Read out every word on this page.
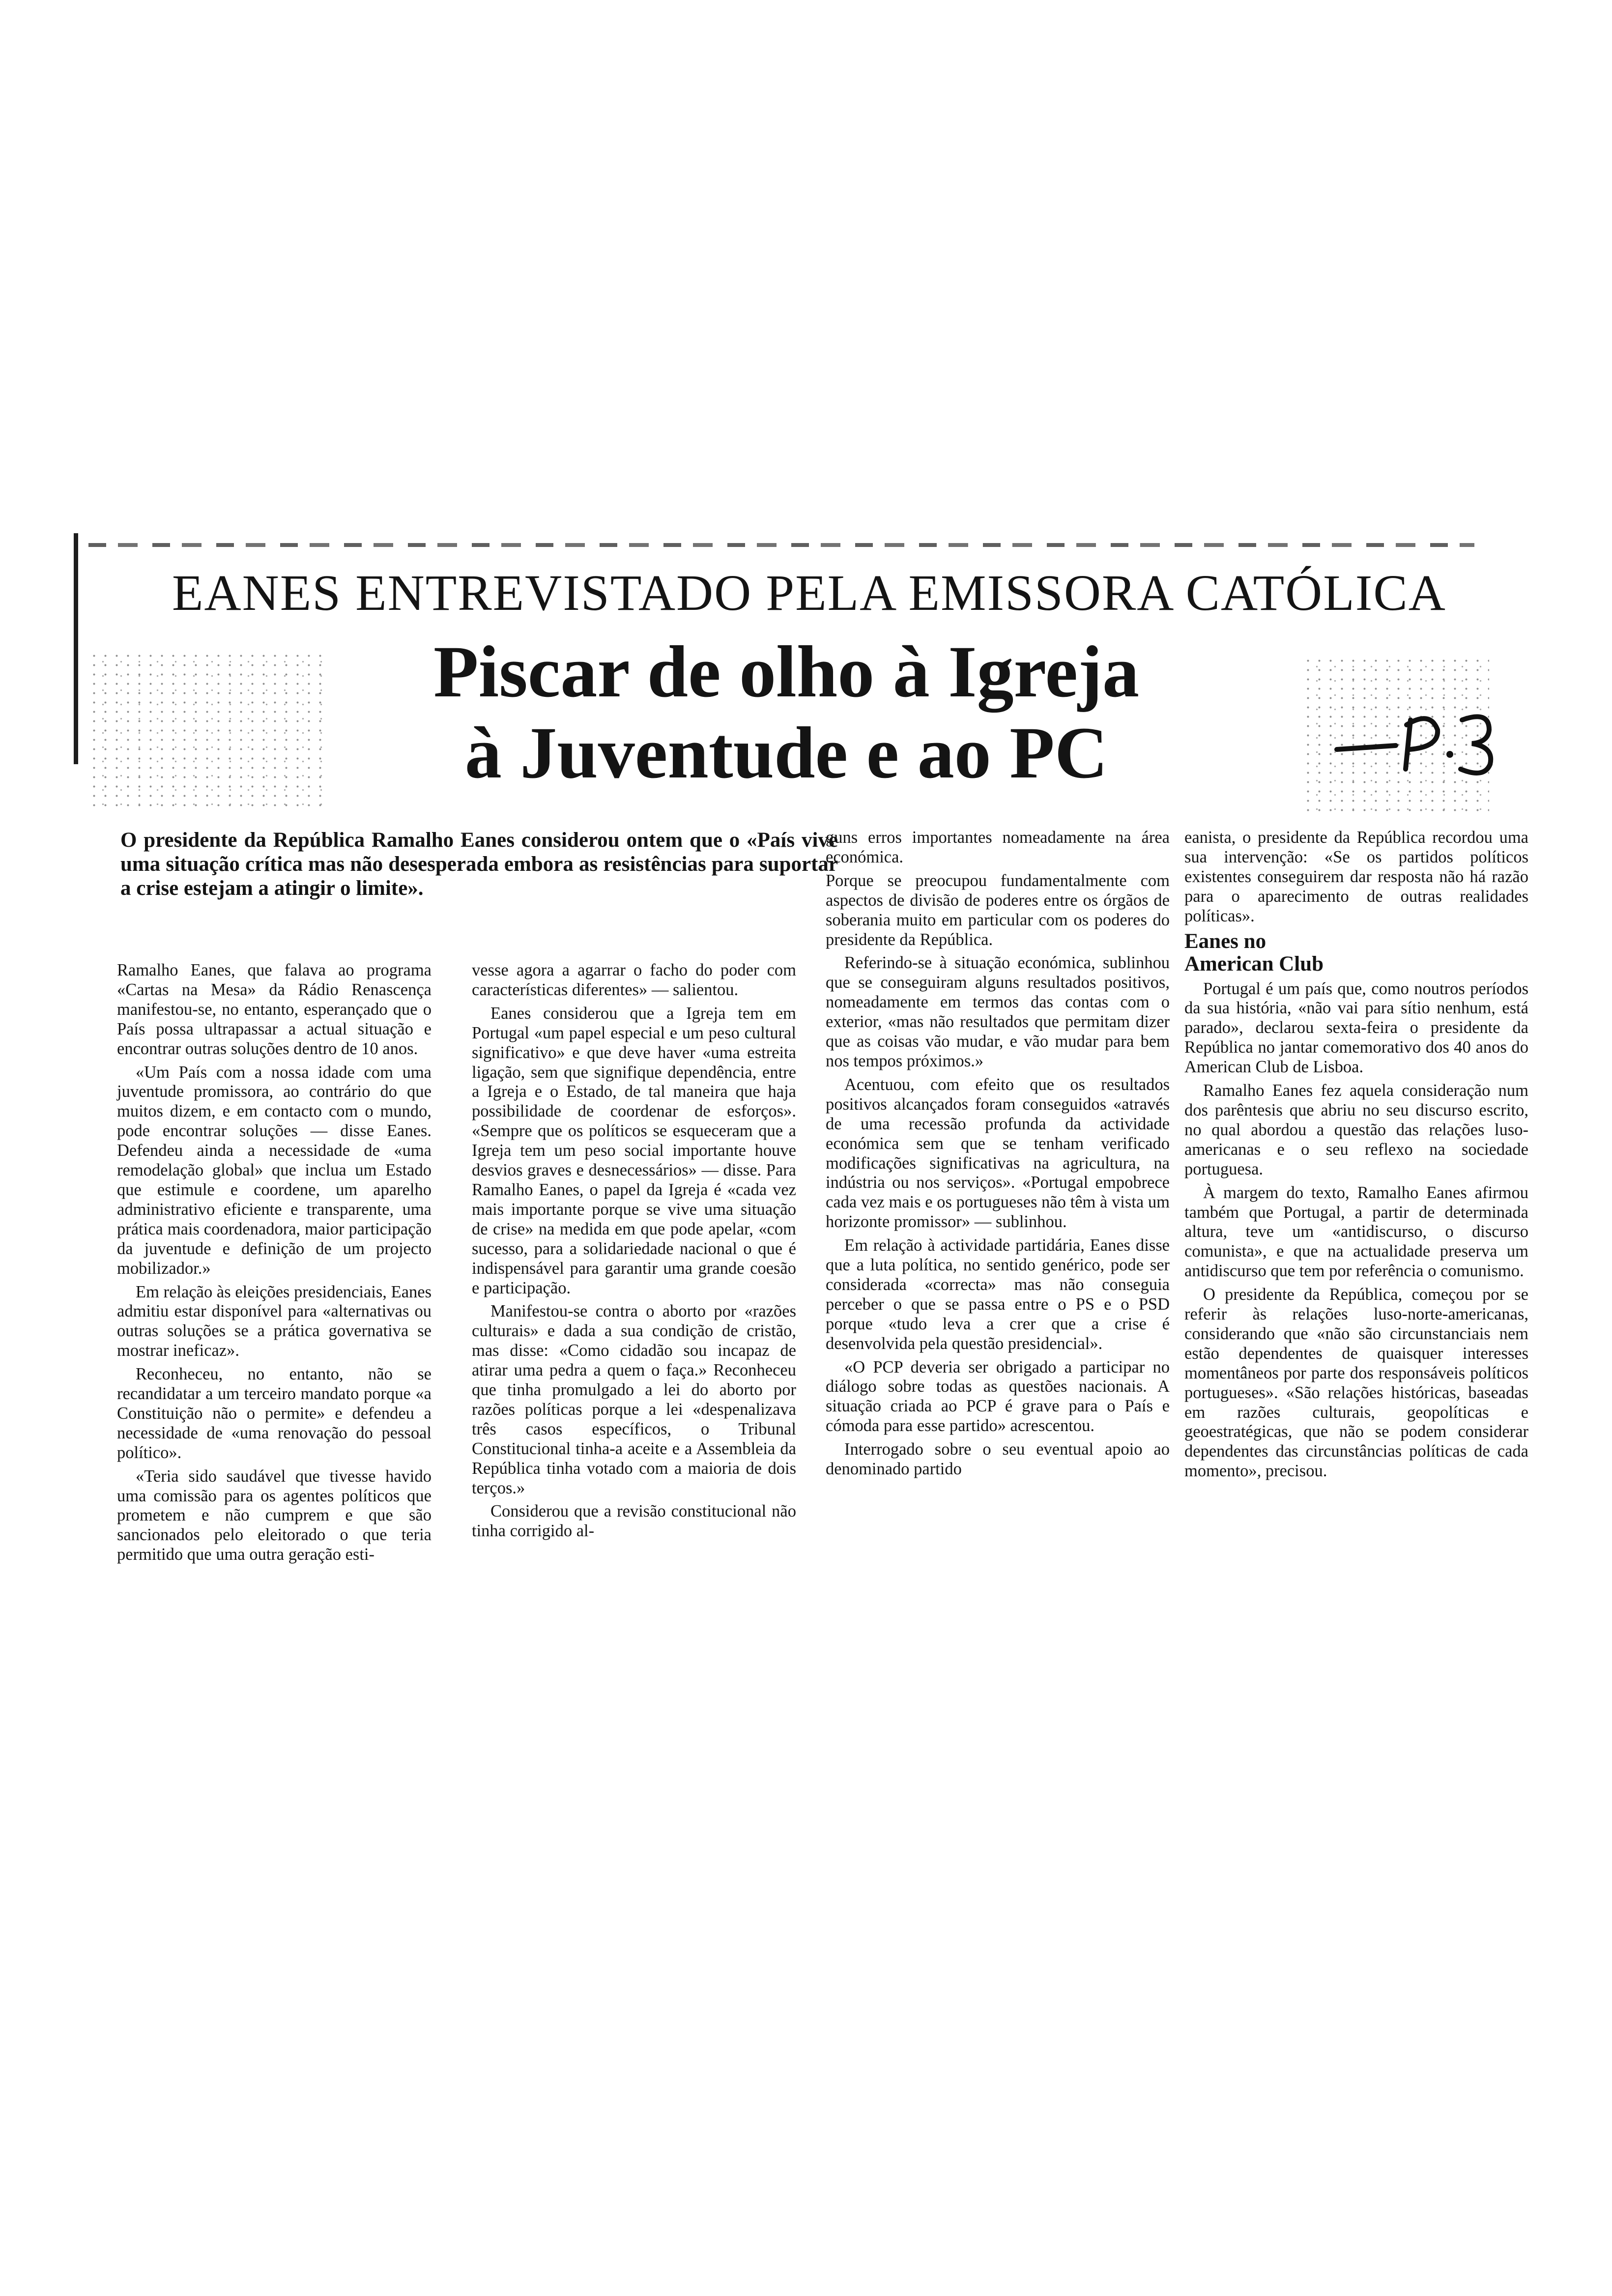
EANES ENTREVISTADO PELA EMISSORA CATÓLICA
Piscar de olho à Igreja
à Juventude e ao PC
O presidente da República Ramalho Eanes considerou ontem que o «País vive uma situação crítica mas não desesperada embora as resistências para suportar a crise estejam a atingir o limite».

Ramalho Eanes, que falava ao programa «Cartas na Mesa» da Rádio Renascença manifestou-se, no entanto, esperançado que o País possa ultrapassar a actual situação e encontrar outras soluções dentro de 10 anos.

«Um País com a nossa idade com uma juventude promissora, ao contrário do que muitos dizem, e em contacto com o mundo, pode encontrar soluções — disse Eanes. Defendeu ainda a necessidade de «uma remodelação global» que inclua um Estado que estimule e coordene, um aparelho administrativo eficiente e transparente, uma prática mais coordenadora, maior participação da juventude e definição de um projecto mobilizador.»

Em relação às eleições presidenciais, Eanes admitiu estar disponível para «alternativas ou outras soluções se a prática governativa se mostrar ineficaz».

Reconheceu, no entanto, não se recandidatar a um terceiro mandato porque «a Constituição não o permite» e defendeu a necessidade de «uma renovação do pessoal político».

«Teria sido saudável que tivesse havido uma comissão para os agentes políticos que prometem e não cumprem e que são sancionados pelo eleitorado o que teria permitido que uma outra geração esti-

vesse agora a agarrar o facho do poder com características diferentes» — salientou.

Eanes considerou que a Igreja tem em Portugal «um papel especial e um peso cultural significativo» e que deve haver «uma estreita ligação, sem que signifique dependência, entre a Igreja e o Estado, de tal maneira que haja possibilidade de coordenar de esforços». «Sempre que os políticos se esqueceram que a Igreja tem um peso social importante houve desvios graves e desnecessários» — disse. Para Ramalho Eanes, o papel da Igreja é «cada vez mais importante porque se vive uma situação de crise» na medida em que pode apelar, «com sucesso, para a solidariedade nacional o que é indispensável para garantir uma grande coesão e participação.

Manifestou-se contra o aborto por «razões culturais» e dada a sua condição de cristão, mas disse: «Como cidadão sou incapaz de atirar uma pedra a quem o faça.» Reconheceu que tinha promulgado a lei do aborto por razões políticas porque a lei «despenalizava três casos específicos, o Tribunal Constitucional tinha-a aceite e a Assembleia da República tinha votado com a maioria de dois terços.»

Considerou que a revisão constitucional não tinha corrigido al-

guns erros importantes nomeadamente na área económica.

Porque se preocupou fundamentalmente com aspectos de divisão de poderes entre os órgãos de soberania muito em particular com os poderes do presidente da República.

Referindo-se à situação económica, sublinhou que se conseguiram alguns resultados positivos, nomeadamente em termos das contas com o exterior, «mas não resultados que permitam dizer que as coisas vão mudar, e vão mudar para bem nos tempos próximos.»

Acentuou, com efeito que os resultados positivos alcançados foram conseguidos «através de uma recessão profunda da actividade económica sem que se tenham verificado modificações significativas na agricultura, na indústria ou nos serviços». «Portugal empobrece cada vez mais e os portugueses não têm à vista um horizonte promissor» — sublinhou.

Em relação à actividade partidária, Eanes disse que a luta política, no sentido genérico, pode ser considerada «correcta» mas não conseguia perceber o que se passa entre o PS e o PSD porque «tudo leva a crer que a crise é desenvolvida pela questão presidencial».

«O PCP deveria ser obrigado a participar no diálogo sobre todas as questões nacionais. A situação criada ao PCP é grave para o País e cómoda para esse partido» acrescentou.

Interrogado sobre o seu eventual apoio ao denominado partido

eanista, o presidente da República recordou uma sua intervenção: «Se os partidos políticos existentes conseguirem dar resposta não há razão para o aparecimento de outras realidades políticas».

Eanes no
American Club

Portugal é um país que, como noutros períodos da sua história, «não vai para sítio nenhum, está parado», declarou sexta-feira o presidente da República no jantar comemorativo dos 40 anos do American Club de Lisboa.

Ramalho Eanes fez aquela consideração num dos parêntesis que abriu no seu discurso escrito, no qual abordou a questão das relações luso-americanas e o seu reflexo na sociedade portuguesa.

À margem do texto, Ramalho Eanes afirmou também que Portugal, a partir de determinada altura, teve um «antidiscurso, o discurso comunista», e que na actualidade preserva um antidiscurso que tem por referência o comunismo.

O presidente da República, começou por se referir às relações luso-norte-americanas, considerando que «não são circunstanciais nem estão dependentes de quaisquer interesses momentâneos por parte dos responsáveis políticos portugueses». «São relações históricas, baseadas em razões culturais, geopolíticas e geoestratégicas, que não se podem considerar dependentes das circunstâncias políticas de cada momento», precisou.
